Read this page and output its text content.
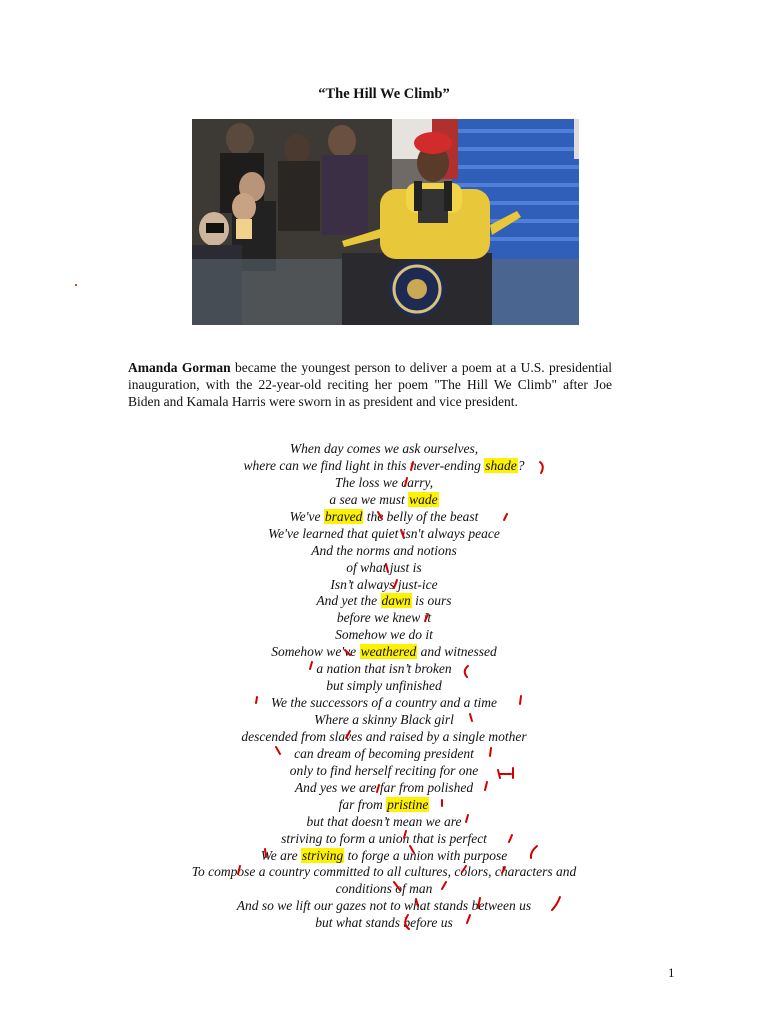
“The Hill We Climb”

Amanda Gorman became the youngest person to deliver a poem at a U.S. presidential inauguration, with the 22-year-old reciting her poem "The Hill We Climb" after Joe Biden and Kamala Harris were sworn in as president and vice president.

When day comes we ask ourselves,
where can we find light in this never-ending shade?
The loss we carry,
a sea we must wade
We've braved the belly of the beast
We've learned that quiet isn't always peace
And the norms and notions
of what just is
Isn’t always just-ice
And yet the dawn is ours
before we knew it
Somehow we do it
Somehow we've weathered and witnessed
a nation that isn’t broken
but simply unfinished
We the successors of a country and a time
Where a skinny Black girl
descended from slaves and raised by a single mother
can dream of becoming president
only to find herself reciting for one
And yes we are far from polished
far from pristine
but that doesn’t mean we are
striving to form a union that is perfect
We are striving to forge a union with purpose
To compose a country committed to all cultures, colors, characters and
conditions of man
And so we lift our gazes not to what stands between us
but what stands before us
1
